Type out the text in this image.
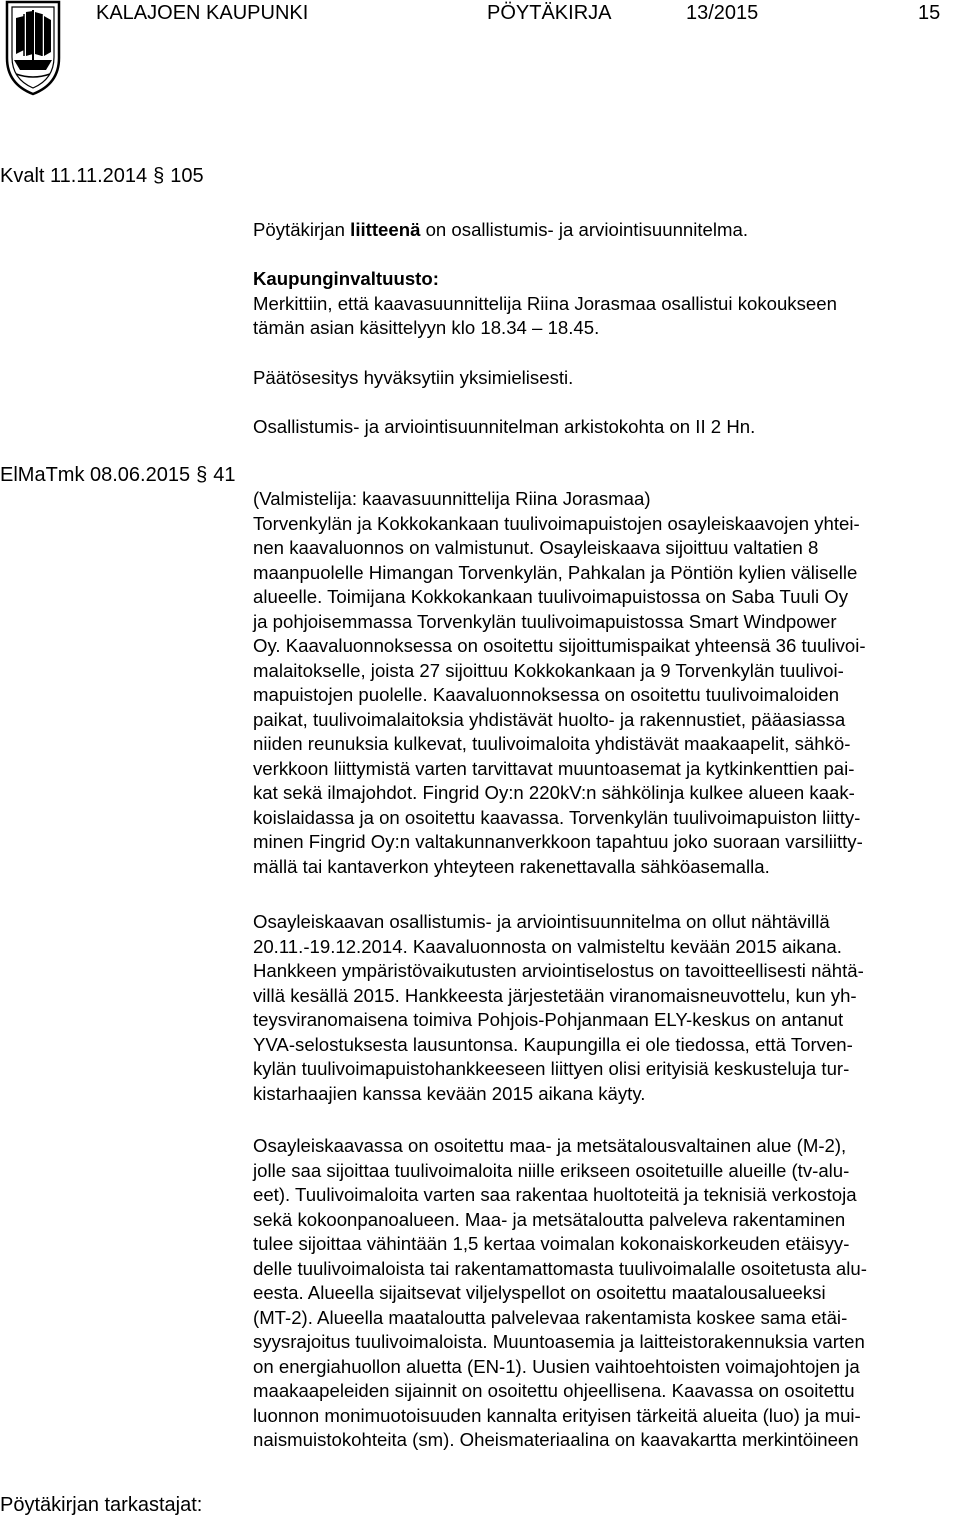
KALAJOEN KAUPUNKI	PÖYTÄKIRJA	13/2015	15
Kvalt 11.11.2014 § 105

Pöytäkirjan liitteenä on osallistumis- ja arviointisuunnitelma.

Kaupunginvaltuusto:

Merkittiin, että kaavasuunnittelija Riina Jorasmaa osallistui kokoukseen

tämän asian käsittelyyn klo 18.34 – 18.45.

Päätösesitys hyväksytiin yksimielisesti.

Osallistumis- ja arviointisuunnitelman arkistokohta on II 2 Hn.

ElMaTmk 08.06.2015 § 41

(Valmistelija: kaavasuunnittelija Riina Jorasmaa)

Torvenkylän ja Kokkokankaan tuulivoimapuistojen osayleiskaavojen yhtei-

nen kaavaluonnos on valmistunut. Osayleiskaava sijoittuu valtatien 8

maanpuolelle Himangan Torvenkylän, Pahkalan ja Pöntiön kylien väliselle

alueelle. Toimijana Kokkokankaan tuulivoimapuistossa on Saba Tuuli Oy

ja pohjoisemmassa Torvenkylän tuulivoimapuistossa Smart Windpower

Oy. Kaavaluonnoksessa on osoitettu sijoittumispaikat yhteensä 36 tuulivoi-

malaitokselle, joista 27 sijoittuu Kokkokankaan ja 9 Torvenkylän tuulivoi-

mapuistojen puolelle. Kaavaluonnoksessa on osoitettu tuulivoimaloiden

paikat, tuulivoimalaitoksia yhdistävät huolto- ja rakennustiet, pääasiassa

niiden reunuksia kulkevat, tuulivoimaloita yhdistävät maakaapelit, sähkö-

verkkoon liittymistä varten tarvittavat muuntoasemat ja kytkinkenttien pai-

kat sekä ilmajohdot. Fingrid Oy:n 220kV:n sähkölinja kulkee alueen kaak-

koislaidassa ja on osoitettu kaavassa. Torvenkylän tuulivoimapuiston liitty-

minen Fingrid Oy:n valtakunnanverkkoon tapahtuu joko suoraan varsiliitty-

mällä tai kantaverkon yhteyteen rakenettavalla sähköasemalla.

Osayleiskaavan osallistumis- ja arviointisuunnitelma on ollut nähtävillä

20.11.-19.12.2014. Kaavaluonnosta on valmisteltu kevään 2015 aikana.

Hankkeen ympäristövaikutusten arviointiselostus on tavoitteellisesti nähtä-

villä kesällä 2015. Hankkeesta järjestetään viranomaisneuvottelu, kun yh-

teysviranomaisena toimiva Pohjois-Pohjanmaan ELY-keskus on antanut

YVA-selostuksesta lausuntonsa. Kaupungilla ei ole tiedossa, että Torven-

kylän tuulivoimapuistohankkeeseen liittyen olisi erityisiä keskusteluja tur-

kistarhaajien kanssa kevään 2015 aikana käyty.

Osayleiskaavassa on osoitettu maa- ja metsätalousvaltainen alue (M-2),

jolle saa sijoittaa tuulivoimaloita niille erikseen osoitetuille alueille (tv-alu-

eet). Tuulivoimaloita varten saa rakentaa huoltoteitä ja teknisiä verkostoja

sekä kokoonpanoalueen. Maa- ja metsätaloutta palveleva rakentaminen

tulee sijoittaa vähintään 1,5 kertaa voimalan kokonaiskorkeuden etäisyy-

delle tuulivoimaloista tai rakentamattomasta tuulivoimalalle osoitetusta alu-

eesta. Alueella sijaitsevat viljelyspellot on osoitettu maatalousalueeksi

(MT-2). Alueella maataloutta palvelevaa rakentamista koskee sama etäi-

syysrajoitus tuulivoimaloista. Muuntoasemia ja laitteistorakennuksia varten

on energiahuollon aluetta (EN-1). Uusien vaihtoehtoisten voimajohtojen ja

maakaapeleiden sijainnit on osoitettu ohjeellisena. Kaavassa on osoitettu

luonnon monimuotoisuuden kannalta erityisen tärkeitä alueita (luo) ja mui-

naismuistokohteita (sm). Oheismateriaalina on kaavakartta merkintöineen

Pöytäkirjan tarkastajat:
